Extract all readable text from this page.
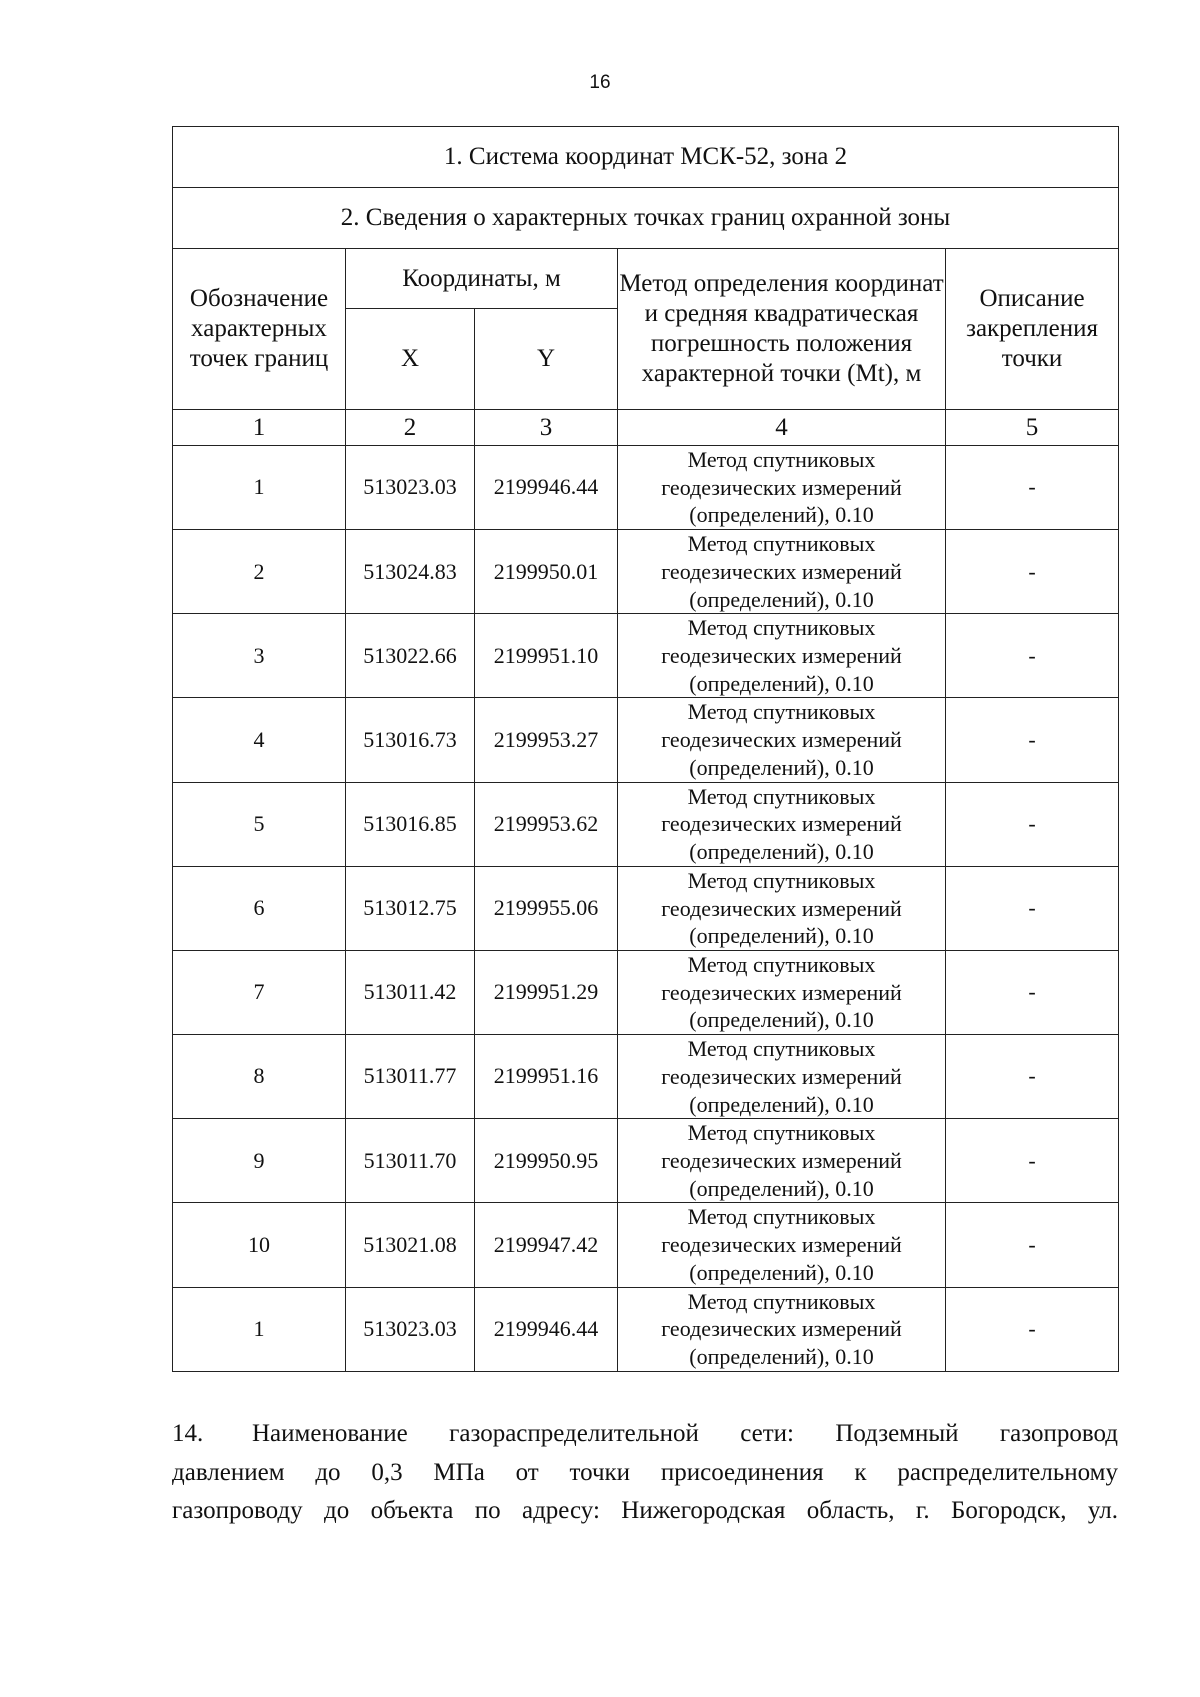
16
1. Система координат МСК-52, зона 2				
2. Сведения о характерных точках границ охранной зоны				
Обозначение характерных точек границ	Координаты, м		Метод определения координат и средняя квадратическая погрешность положения характерной точки (Mt), м	Описание закрепления точки
	X	Y		
1	2	3	4	5
1	513023.03	2199946.44	Метод спутниковых
геодезических измерений
(определений), 0.10	-
2	513024.83	2199950.01	Метод спутниковых
геодезических измерений
(определений), 0.10	-
3	513022.66	2199951.10	Метод спутниковых
геодезических измерений
(определений), 0.10	-
4	513016.73	2199953.27	Метод спутниковых
геодезических измерений
(определений), 0.10	-
5	513016.85	2199953.62	Метод спутниковых
геодезических измерений
(определений), 0.10	-
6	513012.75	2199955.06	Метод спутниковых
геодезических измерений
(определений), 0.10	-
7	513011.42	2199951.29	Метод спутниковых
геодезических измерений
(определений), 0.10	-
8	513011.77	2199951.16	Метод спутниковых
геодезических измерений
(определений), 0.10	-
9	513011.70	2199950.95	Метод спутниковых
геодезических измерений
(определений), 0.10	-
10	513021.08	2199947.42	Метод спутниковых
геодезических измерений
(определений), 0.10	-
1	513023.03	2199946.44	Метод спутниковых
геодезических измерений
(определений), 0.10	-
14. Наименование газораспределительной сети: Подземный газопровод
давлением до 0,3 МПа от точки присоединения к распределительному
газопроводу до объекта по адресу: Нижегородская область, г. Богородск, ул.
